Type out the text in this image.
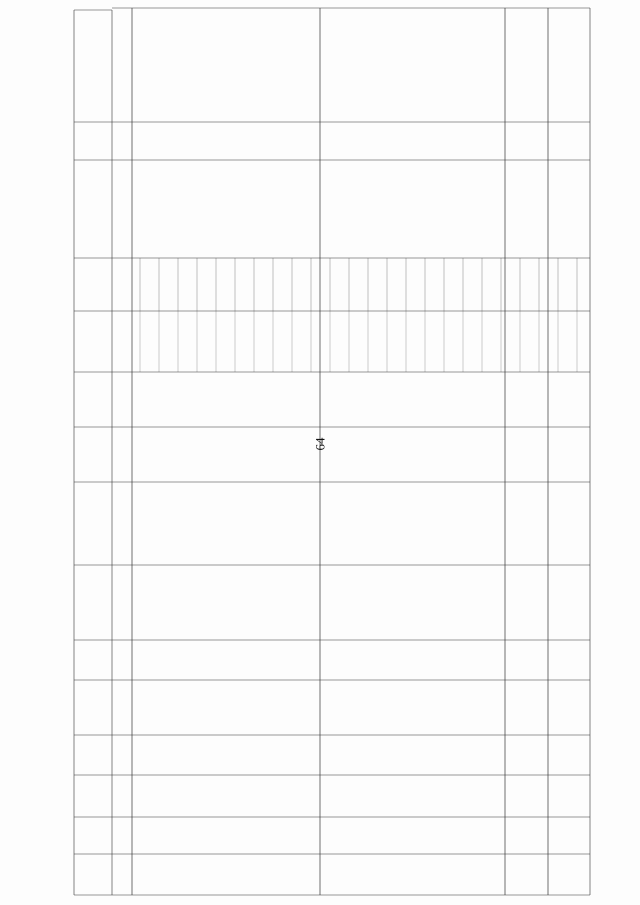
64
